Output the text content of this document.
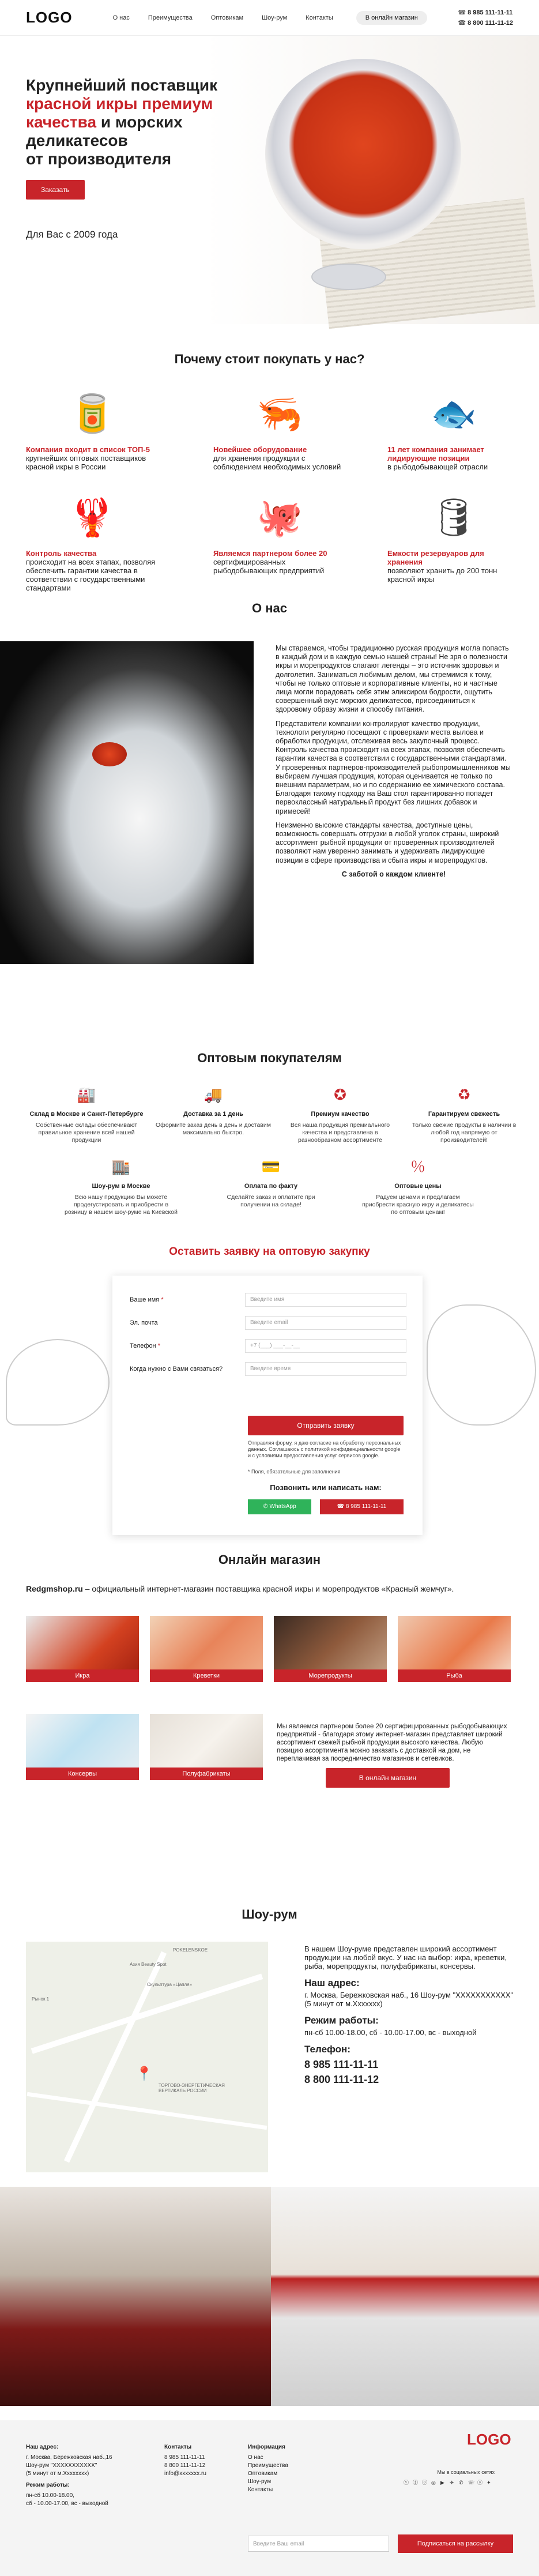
LOGO	О нас	Преимущества	Оптовикам	Шоу-рум	Контакты	В онлайн магазин
☎ 8 985 111-11-11
☎ 8 800 111-11-12
Крупнейший поставщик
красной икры премиум
качества и морских
деликатесов
от производителя
Заказать
Для Вас с 2009 года
Почему стоит покупать у нас?
🥫
Компания входит в список ТОП-5
крупнейших оптовых поставщиков красной икры в России
🦐
Новейшее оборудование
для хранения продукции с соблюдением необходимых условий
🐟
11 лет компания занимает лидирующие позиции
в рыбодобывающей отрасли
🦞
Контроль качества
происходит на всех этапах, позволяя обеспечить гарантии качества в соответствии с государственными стандартами
🐙
Являемся партнером более 20
сертифицированных рыбодобывающих предприятий
🛢
Емкости резервуаров для хранения
позволяют хранить до 200 тонн красной икры
О нас

Мы стараемся, чтобы традиционно русская продукция могла попасть в каждый дом и в каждую семью нашей страны! Не зря о полезности икры и морепродуктов слагают легенды – это источник здоровья и долголетия. Заниматься любимым делом, мы стремимся к тому, чтобы не только оптовые и корпоративные клиенты, но и частные лица могли порадовать себя этим эликсиром бодрости, ощутить совершенный вкус морских деликатесов, присоединиться к здоровому образу жизни и способу питания.

Представители компании контролируют качество продукции, технологи регулярно посещают с проверками места вылова и обработки продукции, отслеживая весь закупочный процесс. Контроль качества происходит на всех этапах, позволяя обеспечить гарантии качества в соответствии с государственными стандартами. У проверенных партнеров-производителей рыбопромышленников мы выбираем лучшая продукция, которая оценивается не только по внешним параметрам, но и по содержанию ее химического состава. Благодаря такому подходу на Ваш стол гарантированно попадет первоклассный натуральный продукт без лишних добавок и примесей!

Неизменно высокие стандарты качества, доступные цены, возможность совершать отгрузки в любой уголок страны, широкий ассортимент рыбной продукции от проверенных производителей позволяют нам уверенно занимать и удерживать лидирующие позиции в сфере производства и сбыта икры и морепродуктов.

С заботой о каждом клиенте!
Оптовым покупателям
🏭
Склад в Москве и Санкт-Петербурге
Собственные склады обеспечивают правильное хранение всей нашей продукции
🚚
Доставка за 1 день
Оформите заказ день в день и доставим максимально быстро.
✪
Премиум качество
Вся наша продукция премиального качества и представлена в разнообразном ассортименте
♻
Гарантируем свежесть
Только свежие продукты в наличии в любой год напрямую от производителей!
🏬
Шоу-рум в Москве
Всю нашу продукцию Вы можете продегустировать и приобрести в розницу в нашем шоу-руме на Киевской
💳
Оплата по факту
Сделайте заказ и оплатите при получении на складе!
％
Оптовые цены
Радуем ценами и предлагаем приобрести красную икру и деликатесы по оптовым ценам!
Оставить заявку на оптовую закупку
Ваше имя *	Введите имя
Эл. почта	Введите email
Телефон *	+7 (___) ___-__-__
Когда нужно с Вами связаться?	Введите время
Отправить заявку
Отправляя форму, я даю согласие на обработку персональных данных. Соглашаюсь с политикой конфиденциальности google и с условиями предоставления услуг сервисов google.
* Поля, обязательные для заполнения
Позвонить или написать нам:
✆ WhatsApp	☎ 8 985 111-11-11
Онлайн магазин
Redgmshop.ru – официальный интернет-магазин поставщика красной икры и морепродуктов «Красный жемчуг».
Икра	Креветки	Морепродукты	Рыба
Консервы	Полуфабрикаты
Мы являемся партнером более 20 сертифицированных рыбодобывающих предприятий - благодаря этому интернет-магазин представляет широкий ассортимент свежей рыбной продукции высокого качества. Любую позицию ассортимента можно заказать с доставкой на дом, не переплачивая за посредничество магазинов и сетевиков.
В онлайн магазин
Шоу-рум
📍
Рынок 1
ТОРГОВО-ЭНЕРГЕТИЧЕСКАЯ ВЕРТИКАЛЬ РОССИИ
Азия Beauty Spot
Скульптура «Цапля»
POKELENSKOE	В нашем Шоу-руме представлен широкий ассортимент продукции на любой вкус. У нас на выбор: икра, креветки, рыба, морепродукты, полуфабрикаты, консервы.
Наш адрес:
г. Москва, Бережковская наб., 16 Шоу-рум "XXXXXXXXXXX" (5 минут от м.Ххххххх)
Режим работы:
пн-сб 10.00-18.00, сб - 10.00-17.00, вс - выходной
Телефон:
8 985 111-11-11
8 800 111-11-12
Наш адрес:
г. Москва, Бережковская наб.,16
Шоу-рум "XXXXXXXXXXX"
(5 минут от м.Хххххххх)
Режим работы:
пн-сб 10.00-18.00,
сб - 10.00-17.00, вс - выходной
Контакты
8 985 111-11-11
8 800 111-11-12
info@xxxxxxx.ru
Информация
О нас
Преимущества
Оптовикам
Шоу-рум
Контакты
LOGO
Мы в социальных сетях
ⓥ ⓕ ⓞ ◎ ▶ ✈ ✆ ☏ ⓢ ✦
Введите Ваш email	Подписаться на рассылку
